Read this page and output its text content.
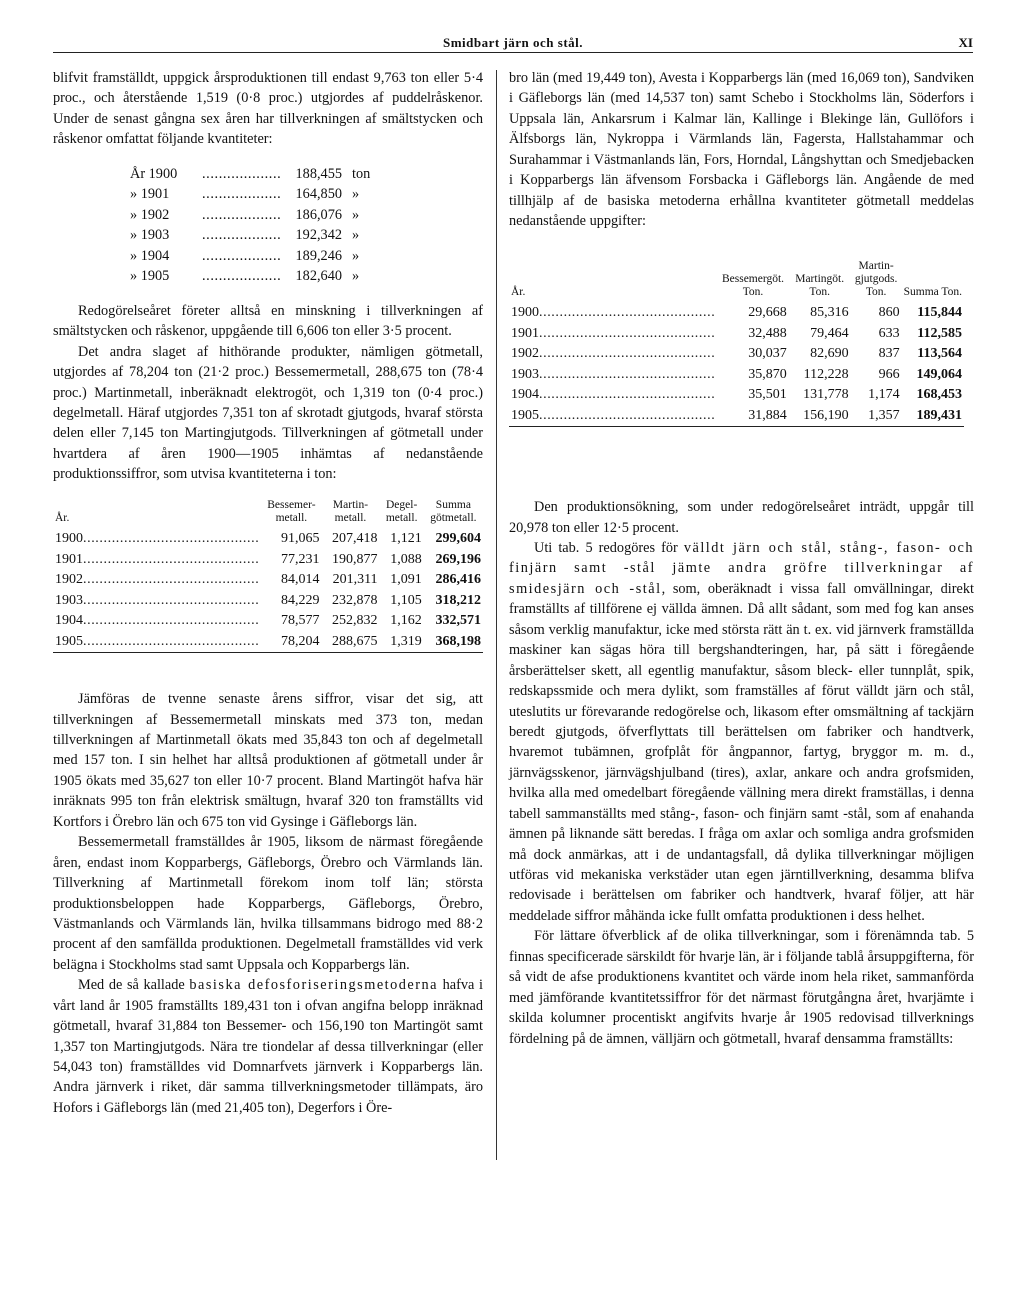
Smidbart järn och stål.	XI

blifvit framställdt, uppgick årsproduktionen till endast 9,763 ton eller 5·4 proc., och återstående 1,519 (0·8 proc.) utgjordes af puddelråskenor. Under de senast gångna sex åren har tillverkningen af smältstycken och råskenor omfattat följande kvantiteter:

År 1900 .....	188,455 ton
» 1901 .....	164,850 »
» 1902 .....	186,076 »
» 1903 .....	192,342 »
» 1904 .....	189,246 »
» 1905 .....	182,640 »

Redogörelseåret företer alltså en minskning i tillverkningen af smältstycken och råskenor, uppgående till 6,606 ton eller 3·5 procent.

Det andra slaget af hithörande produkter, nämligen götmetall, utgjordes af 78,204 ton (21·2 proc.) Bessemermetall, 288,675 ton (78·4 proc.) Martinmetall, inberäknadt elektrogöt, och 1,319 ton (0·4 proc.) degelmetall. Häraf utgjordes 7,351 ton af skrotadt gjutgods, hvaraf största delen eller 7,145 ton Martingjutgods. Tillverkningen af götmetall under hvartdera af åren 1900—1905 inhämtas af nedanstående produktionssiffror, som utvisa kvantiteterna i ton:

År.	Bessemer-metall.	Martin-metall.	Degel-metall.	Summa götmetall.
1900 .....	91,065	207,418	1,121	299,604
1901 .....	77,231	190,877	1,088	269,196
1902 .....	84,014	201,311	1,091	286,416
1903 .....	84,229	232,878	1,105	318,212
1904 .....	78,577	252,832	1,162	332,571
1905 .....	78,204	288,675	1,319	368,198

Jämföras de tvenne senaste årens siffror, visar det sig, att tillverkningen af Bessemermetall minskats med 373 ton, medan tillverkningen af Martinmetall ökats med 35,843 ton och af degelmetall med 157 ton. I sin helhet har alltså produktionen af götmetall under år 1905 ökats med 35,627 ton eller 10·7 procent. Bland Martingöt hafva här inräknats 995 ton från elektrisk smältugn, hvaraf 320 ton framställts vid Kortfors i Örebro län och 675 ton vid Gysinge i Gäfleborgs län.

Bessemermetall framställdes år 1905, liksom de närmast föregående åren, endast inom Kopparbergs, Gäfleborgs, Örebro och Värmlands län. Tillverkning af Martinmetall förekom inom tolf län; största produktionsbeloppen hade Kopparbergs, Gäfleborgs, Örebro, Västmanlands och Värmlands län, hvilka tillsammans bidrogo med 88·2 procent af den samfällda produktionen. Degelmetall framställdes vid verk belägna i Stockholms stad samt Uppsala och Kopparbergs län.

Med de så kallade basiska defosforiseringsmetoderna hafva i vårt land år 1905 framställts 189,431 ton i ofvan angifna belopp inräknad götmetall, hvaraf 31,884 ton Bessemer- och 156,190 ton Martingöt samt 1,357 ton Martingjutgods. Nära tre tiondelar af dessa tillverkningar (eller 54,043 ton) framställdes vid Domnarfvets järnverk i Kopparbergs län. Andra järnverk i riket, där samma tillverkningsmetoder tillämpats, äro Hofors i Gäfleborgs län (med 21,405 ton), Degerfors i Öre-

bro län (med 19,449 ton), Avesta i Kopparbergs län (med 16,069 ton), Sandviken i Gäfleborgs län (med 14,537 ton) samt Schebo i Stockholms län, Söderfors i Uppsala län, Ankarsrum i Kalmar län, Kallinge i Blekinge län, Gullöfors i Älfsborgs län, Nykroppa i Värmlands län, Fagersta, Hallstahammar och Surahammar i Västmanlands län, Fors, Horndal, Långshyttan och Smedjebacken i Kopparbergs län äfvensom Forsbacka i Gäfleborgs län. Angående de med tillhjälp af de basiska metoderna erhållna kvantiteter götmetall meddelas nedanstående uppgifter:

År.	Bessemergöt. Ton.	Martingöt. Ton.	Martin-gjutgods. Ton.	Summa Ton.
1900 .....	29,668	85,316	860	115,844
1901 .....	32,488	79,464	633	112,585
1902 .....	30,037	82,690	837	113,564
1903 .....	35,870	112,228	966	149,064
1904 .....	35,501	131,778	1,174	168,453
1905 .....	31,884	156,190	1,357	189,431

Den produktionsökning, som under redogörelseåret inträdt, uppgår till 20,978 ton eller 12·5 procent.

Uti tab. 5 redogöres för välldt järn och stål, stång-, fason- och finjärn samt -stål jämte andra gröfre tillverkningar af smidesjärn och -stål, som, oberäknadt i vissa fall omvällningar, direkt framställts af tillförene ej vällda ämnen. Då allt sådant, som med fog kan anses såsom verklig manufaktur, icke med största rätt än t. ex. vid järnverk framställda maskiner kan sägas höra till bergshandteringen, har, på sätt i föregående årsberättelser skett, all egentlig manufaktur, såsom bleck- eller tunnplåt, spik, redskapssmide och mera dylikt, som framställes af förut välldt järn och stål, uteslutits ur förevarande redogörelse och, likasom efter omsmältning af tackjärn beredt gjutgods, öfverflyttats till berättelsen om fabriker och handtverk, hvaremot tubämnen, grofplåt för ångpannor, fartyg, bryggor m. m. d., järnvägsskenor, järnvägshjulband (tires), axlar, ankare och andra grofsmiden, hvilka alla med omedelbart föregående vällning mera direkt framställas, i denna tabell sammanställts med stång-, fason- och finjärn samt -stål, som af enahanda ämnen på liknande sätt beredas. I fråga om axlar och somliga andra grofsmiden må dock anmärkas, att i de undantagsfall, då dylika tillverkningar möjligen utföras vid mekaniska verkstäder utan egen järntillverkning, desamma blifva redovisade i berättelsen om fabriker och handtverk, hvaraf följer, att här meddelade siffror måhända icke fullt omfatta produktionen i dess helhet.

För lättare öfverblick af de olika tillverkningar, som i förenämnda tab. 5 finnas specificerade särskildt för hvarje län, är i följande tablå årsuppgifterna, för så vidt de afse produktionens kvantitet och värde inom hela riket, sammanförda med jämförande kvantitetssiffror för det närmast förutgångna året, hvarjämte i skilda kolumner procentiskt angifvits hvarje år 1905 redovisad tillverknings fördelning på de ämnen, välljärn och götmetall, hvaraf densamma framställts:
